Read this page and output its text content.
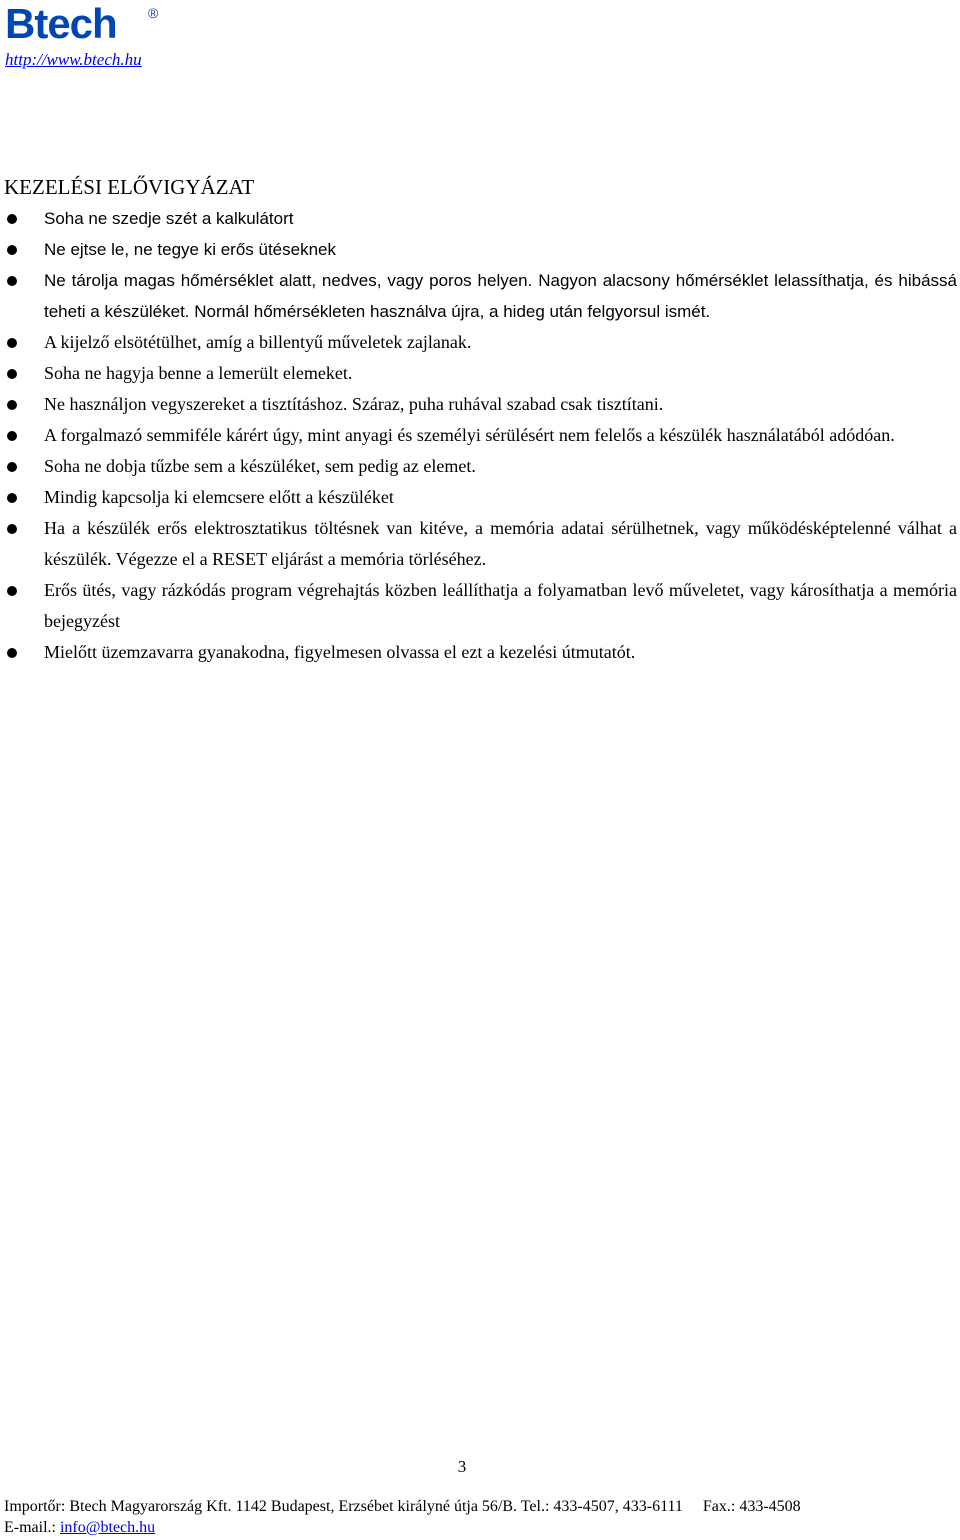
Btech ®
http://www.btech.hu
KEZELÉSI ELŐVIGYÁZAT
Soha ne szedje szét a kalkulátort
Ne ejtse le, ne tegye ki erős ütéseknek
Ne tárolja magas hőmérséklet alatt, nedves, vagy poros helyen. Nagyon alacsony hőmérséklet lelassíthatja, és hibássá teheti a készüléket. Normál hőmérsékleten használva újra, a hideg után felgyorsul ismét.
A kijelző elsötétülhet, amíg a billentyű műveletek zajlanak.
Soha ne hagyja benne a lemerült elemeket.
Ne használjon vegyszereket a tisztításhoz. Száraz, puha ruhával szabad csak tisztítani.
A forgalmazó semmiféle kárért úgy, mint anyagi és személyi sérülésért nem felelős a készülék használatából adódóan.
Soha ne dobja tűzbe sem a készüléket, sem pedig az elemet.
Mindig kapcsolja ki elemcsere előtt a készüléket
Ha a készülék erős elektrosztatikus töltésnek van kitéve, a memória adatai sérülhetnek, vagy működésképtelenné válhat a készülék. Végezze el a RESET eljárást a memória törléséhez.
Erős ütés, vagy rázkódás program végrehajtás közben leállíthatja a folyamatban levő műveletet, vagy károsíthatja a memória bejegyzést
Mielőtt üzemzavarra gyanakodna, figyelmesen olvassa el ezt a kezelési útmutatót.
3
Importőr: Btech Magyarország Kft. 1142 Budapest, Erzsébet királyné útja 56/B. Tel.: 433-4507, 433-6111     Fax.: 433-4508
E-mail.: info@btech.hu
